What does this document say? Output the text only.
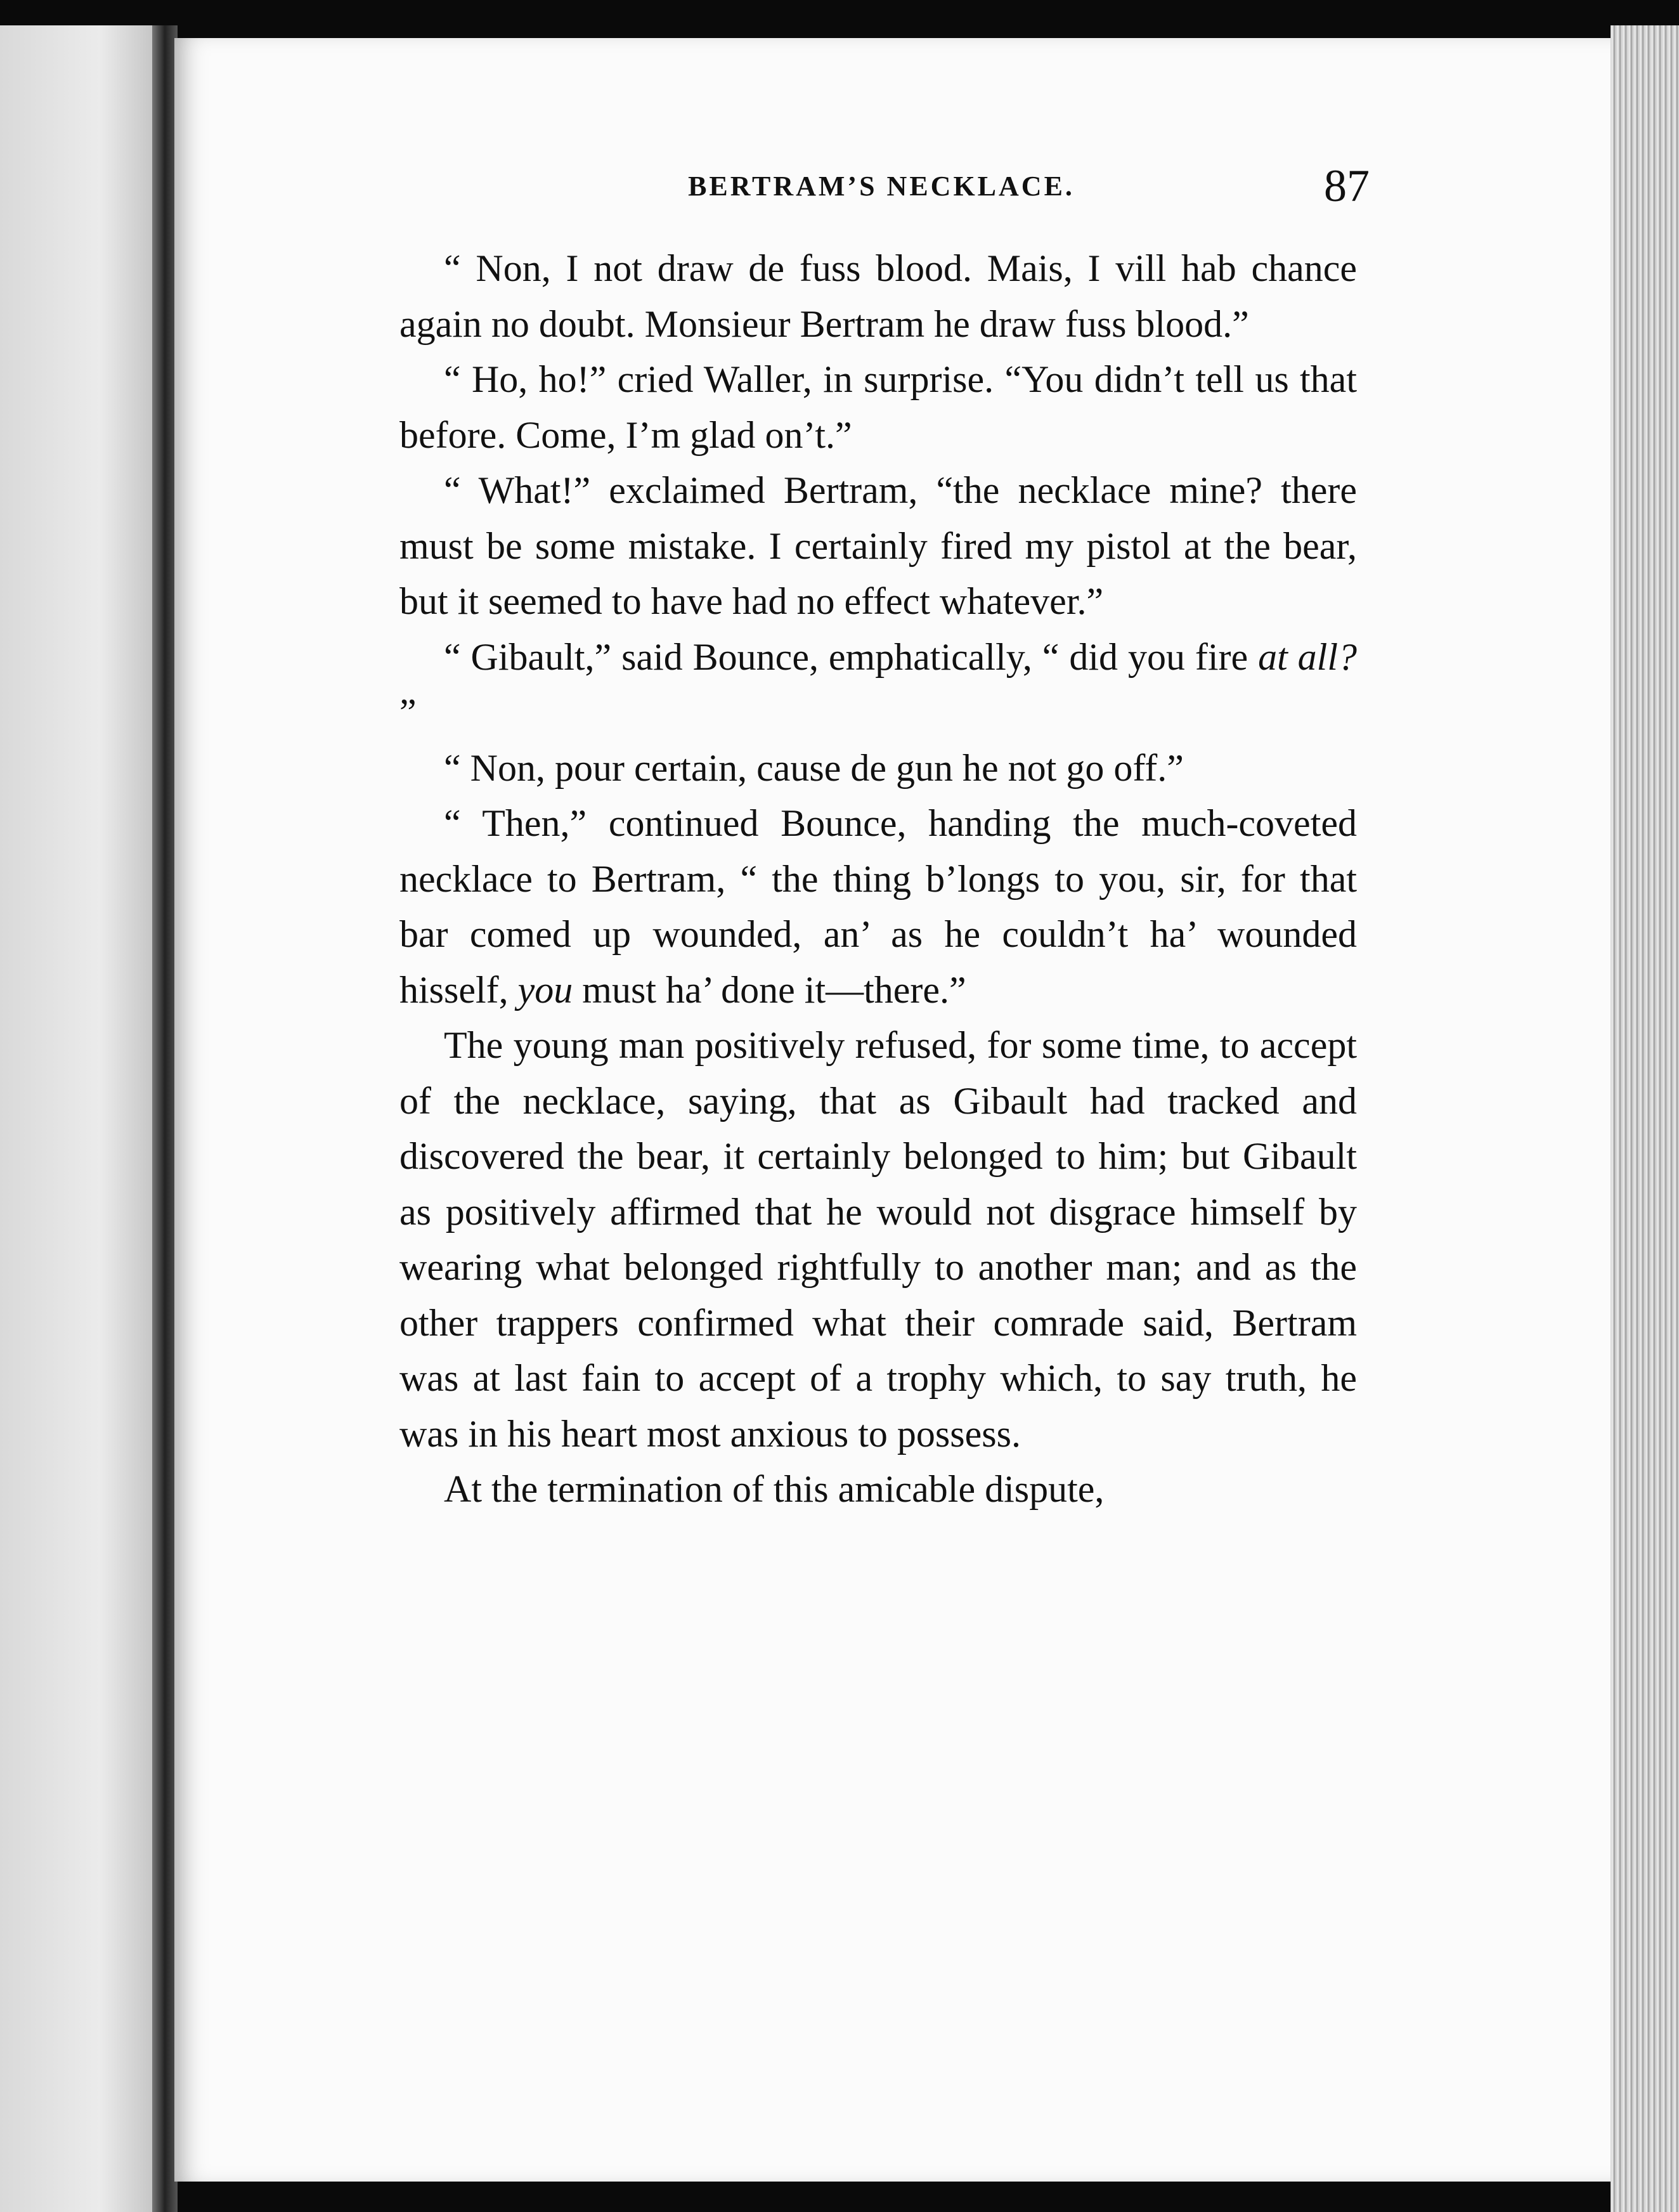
BERTRAM’S NECKLACE.	87

“ Non, I not draw de fuss blood. Mais, I vill hab chance again no doubt. Monsieur Bertram he draw fuss blood.”

“ Ho, ho!” cried Waller, in surprise. “You didn’t tell us that before. Come, I’m glad on’t.”

“ What!” exclaimed Bertram, “the necklace mine? there must be some mistake. I certainly fired my pistol at the bear, but it seemed to have had no effect whatever.”

“ Gibault,” said Bounce, emphatically, “ did you fire at all? ”

“ Non, pour certain, cause de gun he not go off.”

“ Then,” continued Bounce, handing the much-coveted necklace to Bertram, “ the thing b’longs to you, sir, for that bar comed up wounded, an’ as he couldn’t ha’ wounded hisself, you must ha’ done it—there.”

The young man positively refused, for some time, to accept of the necklace, saying, that as Gibault had tracked and discovered the bear, it certainly belonged to him; but Gibault as positively affirmed that he would not disgrace himself by wearing what belonged rightfully to another man; and as the other trappers confirmed what their comrade said, Bertram was at last fain to accept of a trophy which, to say truth, he was in his heart most anxious to possess.

At the termination of this amicable dispute,
